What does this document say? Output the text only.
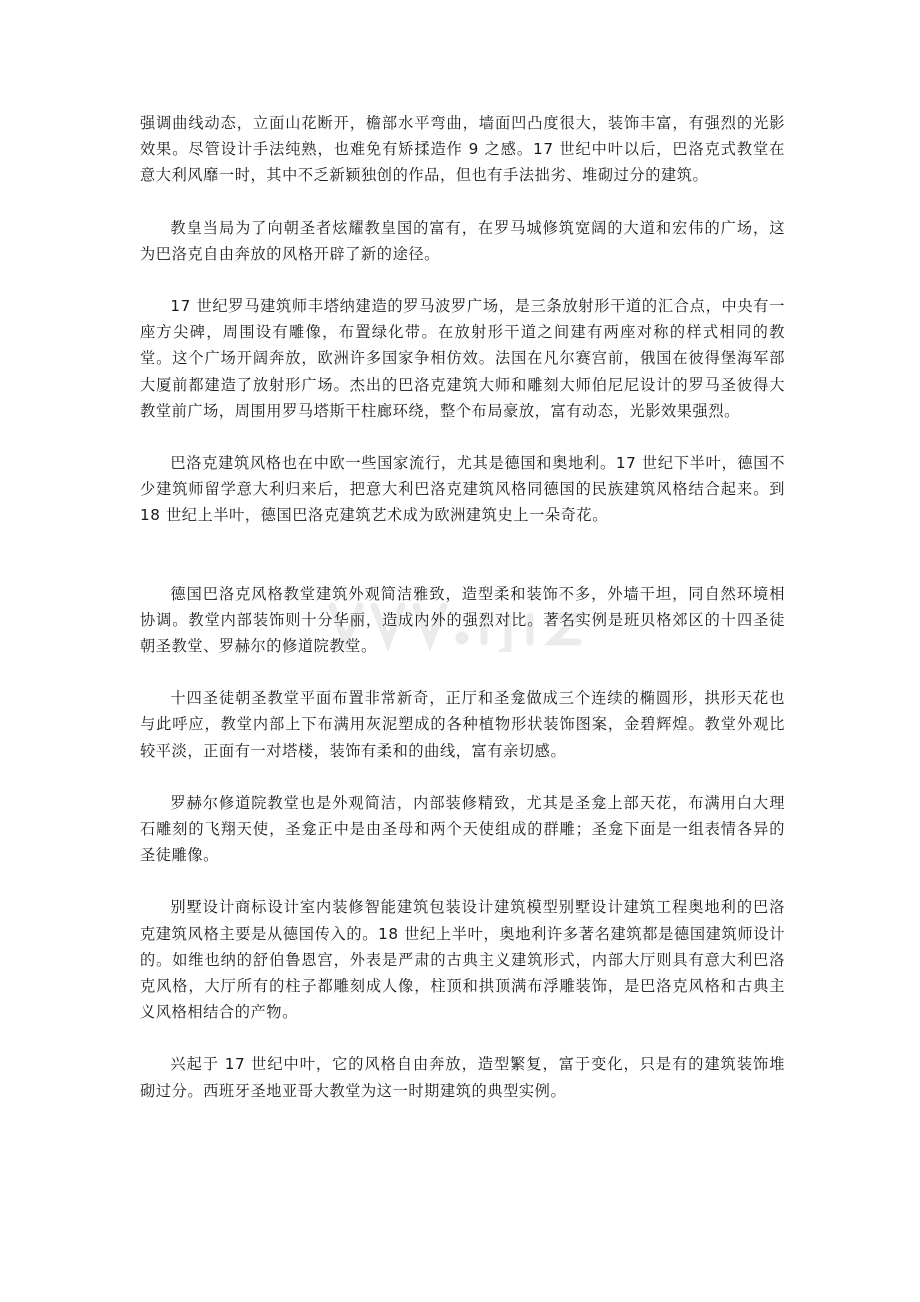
强调曲线动态，立面山花断开，檐部水平弯曲，墙面凹凸度很大，装饰丰富，有强烈的光影效果。尽管设计手法纯熟，也难免有矫揉造作 9 之感。17 世纪中叶以后，巴洛克式教堂在意大利风靡一时，其中不乏新颖独创的作品，但也有手法拙劣、堆砌过分的建筑。

教皇当局为了向朝圣者炫耀教皇国的富有，在罗马城修筑宽阔的大道和宏伟的广场，这为巴洛克自由奔放的风格开辟了新的途径。

17 世纪罗马建筑师丰塔纳建造的罗马波罗广场，是三条放射形干道的汇合点，中央有一座方尖碑，周围设有雕像，布置绿化带。在放射形干道之间建有两座对称的样式相同的教堂。这个广场开阔奔放，欧洲许多国家争相仿效。法国在凡尔赛宫前，俄国在彼得堡海军部大厦前都建造了放射形广场。杰出的巴洛克建筑大师和雕刻大师伯尼尼设计的罗马圣彼得大教堂前广场，周围用罗马塔斯干柱廊环绕，整个布局豪放，富有动态，光影效果强烈。

巴洛克建筑风格也在中欧一些国家流行，尤其是德国和奥地利。17 世纪下半叶，德国不少建筑师留学意大利归来后，把意大利巴洛克建筑风格同德国的民族建筑风格结合起来。到 18 世纪上半叶，德国巴洛克建筑艺术成为欧洲建筑史上一朵奇花。

德国巴洛克风格教堂建筑外观简洁雅致，造型柔和装饰不多，外墙干坦，同自然环境相协调。教堂内部装饰则十分华丽，造成内外的强烈对比。著名实例是班贝格郊区的十四圣徒朝圣教堂、罗赫尔的修道院教堂。

十四圣徒朝圣教堂平面布置非常新奇，正厅和圣龛做成三个连续的椭圆形，拱形天花也与此呼应，教堂内部上下布满用灰泥塑成的各种植物形状装饰图案，金碧辉煌。教堂外观比较平淡，正面有一对塔楼，装饰有柔和的曲线，富有亲切感。

罗赫尔修道院教堂也是外观简洁，内部装修精致，尤其是圣龛上部天花，布满用白大理石雕刻的飞翔天使，圣龛正中是由圣母和两个天使组成的群雕；圣龛下面是一组表情各异的圣徒雕像。

别墅设计商标设计室内装修智能建筑包装设计建筑模型别墅设计建筑工程奥地利的巴洛克建筑风格主要是从德国传入的。18 世纪上半叶，奥地利许多著名建筑都是德国建筑师设计的。如维也纳的舒伯鲁恩宫，外表是严肃的古典主义建筑形式，内部大厅则具有意大利巴洛克风格，大厅所有的柱子都雕刻成人像，柱顶和拱顶满布浮雕装饰，是巴洛克风格和古典主义风格相结合的产物。

兴起于 17 世纪中叶，它的风格自由奔放，造型繁复，富于变化，只是有的建筑装饰堆砌过分。西班牙圣地亚哥大教堂为这一时期建筑的典型实例。
